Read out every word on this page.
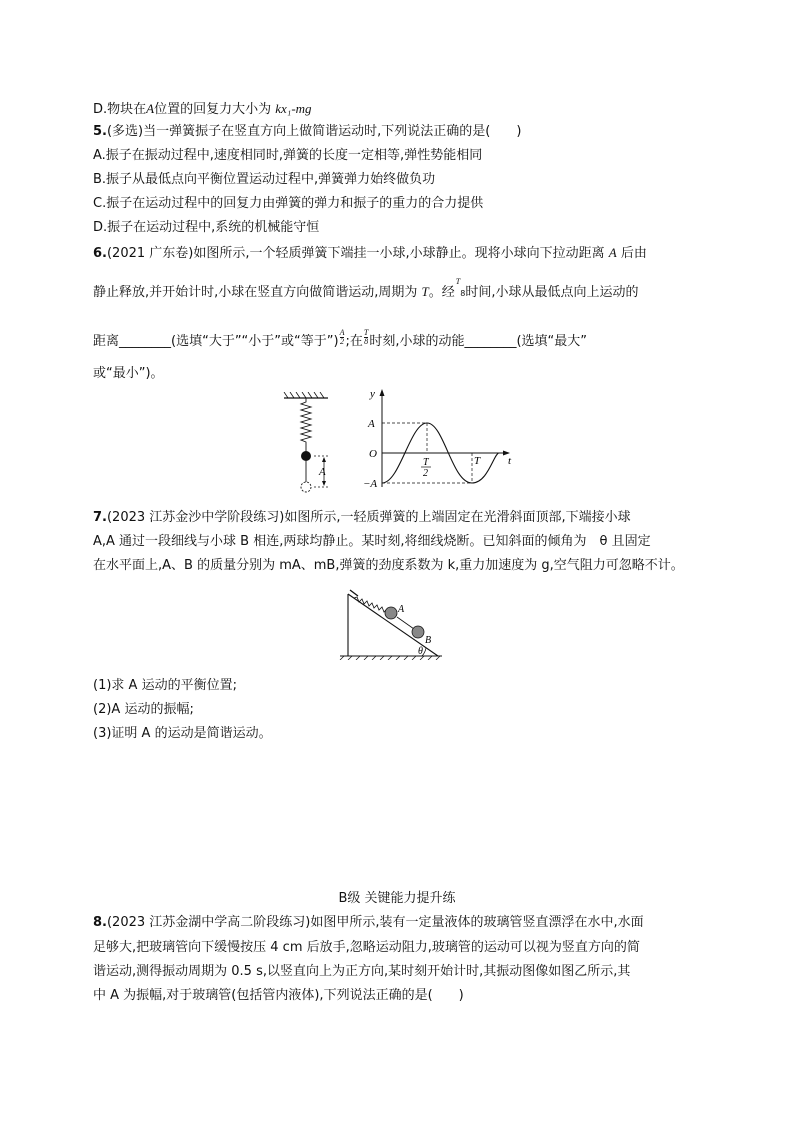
D.物块在A位置的回复力大小为 kx₁-mg
5.(多选)当一弹簧振子在竖直方向上做简谐运动时,下列说法正确的是(　　)
A.振子在振动过程中,速度相同时,弹簧的长度一定相等,弹性势能相同
B.振子从最低点向平衡位置运动过程中,弹簧弹力始终做负功
C.振子在运动过程中的回复力由弹簧的弹力和振子的重力的合力提供
D.振子在运动过程中,系统的机械能守恒
6.(2021 广东卷)如图所示,一个轻质弹簧下端挂一小球,小球静止。现将小球向下拉动距离 A 后由
静止释放,并开始计时,小球在竖直方向做简谐运动,周期为 T。经T8时间,小球从最低点向上运动的
距离________(选填“大于”“小于”或“等于$”)\frac{A}{2}$ ;在$\frac{T}{8}$ 时刻,小球的动能________(选填“最大”
或“最小”)。
A
y
A
O
−A
T
2
T	t
7.(2023 江苏金沙中学阶段练习)如图所示,一轻质弹簧的上端固定在光滑斜面顶部,下端接小球
A,A 通过一段细线与小球 B 相连,两球均静止。某时刻,将细线烧断。已知斜面的倾角为　θ 且固定
在水平面上,A、B 的质量分别为 mA、mB,弹簧的劲度系数为 k,重力加速度为 g,空气阻力可忽略不计。
A
B
θ
(1)求 A 运动的平衡位置;
(2)A 运动的振幅;
(3)证明 A 的运动是简谐运动。
B级 关键能力提升练
8.(2023 江苏金湖中学高二阶段练习)如图甲所示,装有一定量液体的玻璃管竖直漂浮在水中,水面
足够大,把玻璃管向下缓慢按压 4 cm 后放手,忽略运动阻力,玻璃管的运动可以视为竖直方向的简
谐运动,测得振动周期为 0.5 s,以竖直向上为正方向,某时刻开始计时,其振动图像如图乙所示,其
中 A 为振幅,对于玻璃管(包括管内液体),下列说法正确的是(　　)
